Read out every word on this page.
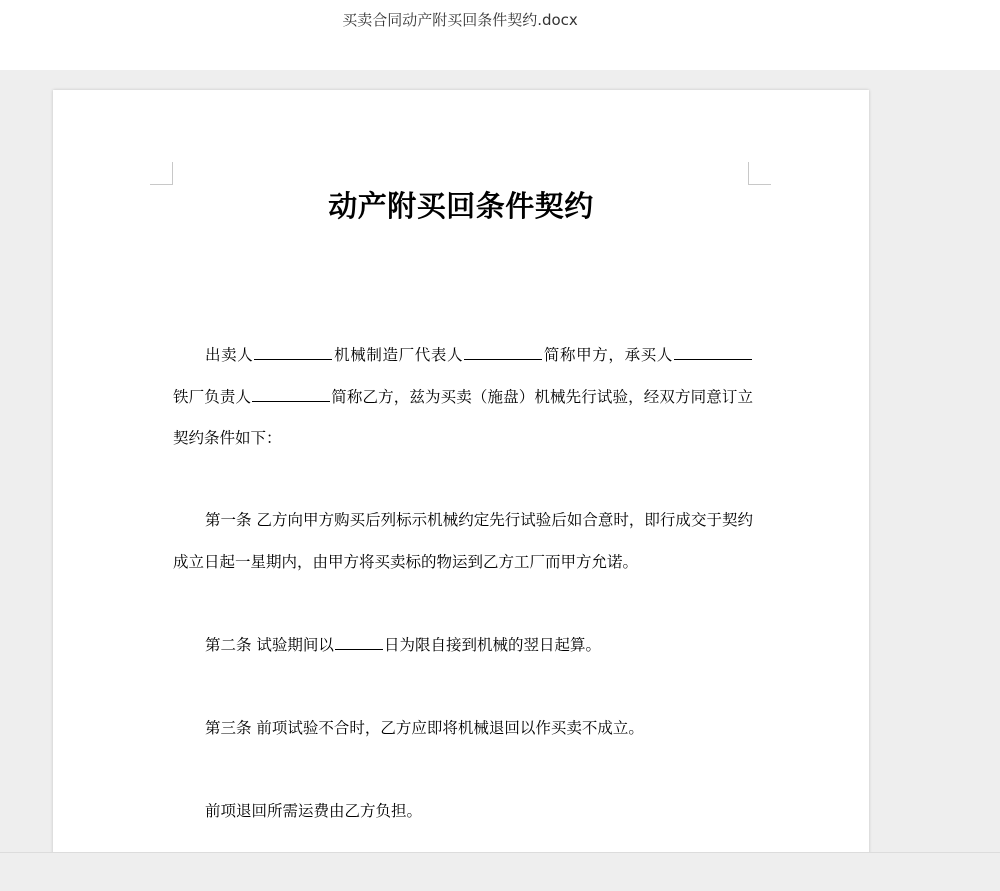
买卖合同动产附买回条件契约.docx
动产附买回条件契约
出卖人	机械制造厂代表人	简称甲方，承买人铁厂负责人	简称乙方，兹为买卖（施盘）机械先行试验，经双方同意订立契约条件如下：
第一条 乙方向甲方购买后列标示机械约定先行试验后如合意时，即行成交于契约成立日起一星期内，由甲方将买卖标的物运到乙方工厂而甲方允诺。
第二条 试验期间以	日为限自接到机械的翌日起算。
第三条 前项试验不合时，乙方应即将机械退回以作买卖不成立。
前项退回所需运费由乙方负担。
